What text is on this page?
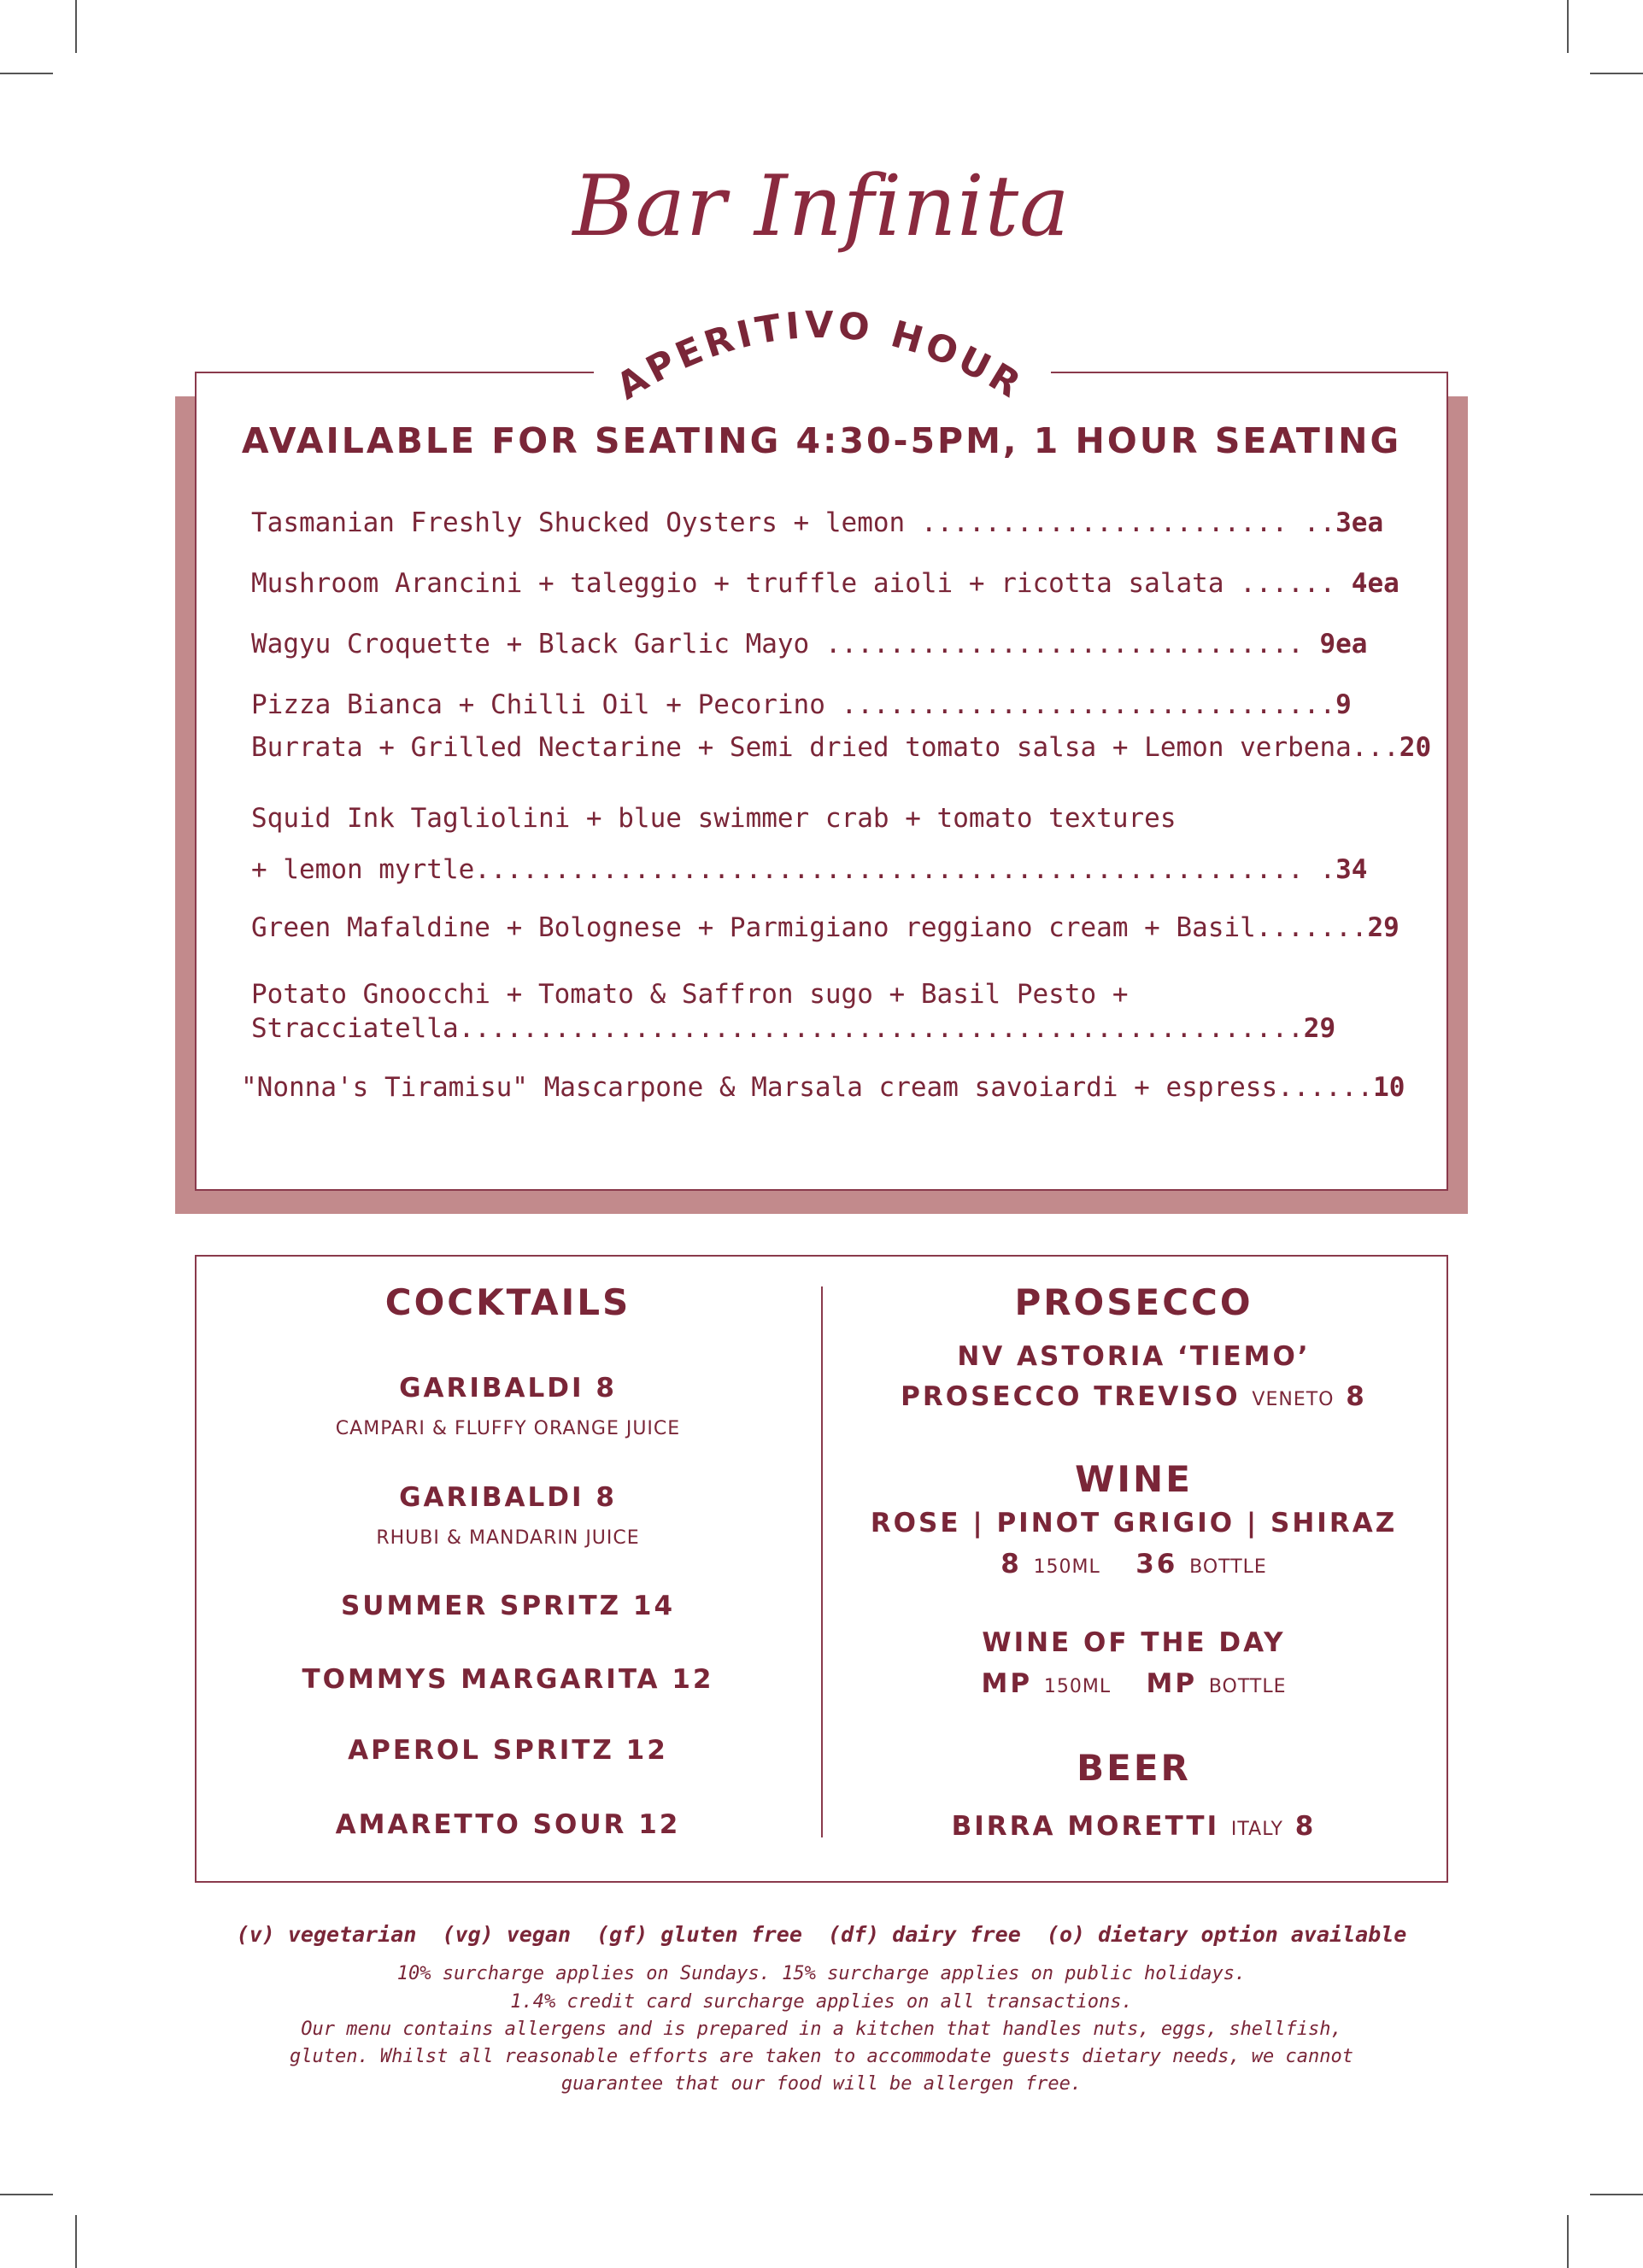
Bar Infinita
APERITIVO HOUR
AVAILABLE FOR SEATING 4:30-5PM, 1 HOUR SEATING
Tasmanian Freshly Shucked Oysters + lemon ....................... ..3ea
Mushroom Arancini + taleggio + truffle aioli + ricotta salata ...... 4ea
Wagyu Croquette + Black Garlic Mayo .............................. 9ea
Pizza Bianca + Chilli Oil + Pecorino ...............................9
Burrata + Grilled Nectarine + Semi dried tomato salsa + Lemon verbena...20
Squid Ink Tagliolini + blue swimmer crab + tomato textures
+ lemon myrtle.................................................... .34
Green Mafaldine + Bolognese + Parmigiano reggiano cream + Basil.......29
Potato Gnoocchi + Tomato & Saffron sugo + Basil Pesto +
Stracciatella.....................................................29
"Nonna's Tiramisu" Mascarpone & Marsala cream savoiardi + espress......10
COCKTAILS
GARIBALDI 8
CAMPARI & FLUFFY ORANGE JUICE
GARIBALDI 8
RHUBI & MANDARIN JUICE
SUMMER SPRITZ 14
TOMMYS MARGARITA 12
APEROL SPRITZ 12
AMARETTO SOUR 12
PROSECCO
NV ASTORIA ‘TIEMO’
PROSECCO TREVISO VENETO 8
WINE
ROSE | PINOT GRIGIO | SHIRAZ
8 150ML 36 BOTTLE
WINE OF THE DAY
MP 150ML MP BOTTLE
BEER
BIRRA MORETTI ITALY 8
(v) vegetarian  (vg) vegan  (gf) gluten free  (df) dairy free  (o) dietary option available
10% surcharge applies on Sundays. 15% surcharge applies on public holidays.
1.4% credit card surcharge applies on all transactions.
Our menu contains allergens and is prepared in a kitchen that handles nuts, eggs, shellfish,
gluten. Whilst all reasonable efforts are taken to accommodate guests dietary needs, we cannot
guarantee that our food will be allergen free.
